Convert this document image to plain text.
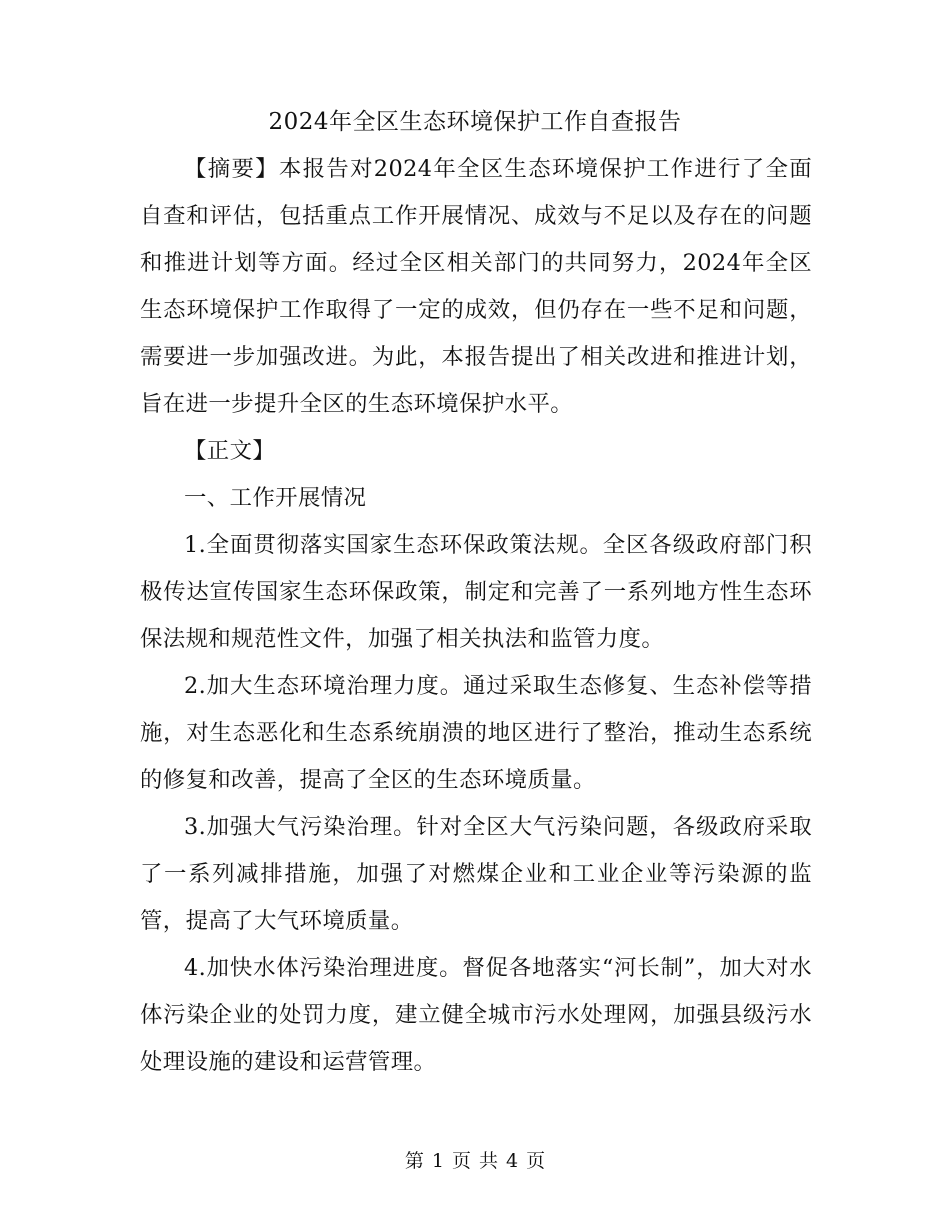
2024年全区生态环境保护工作自查报告

【摘要】本报告对2024年全区生态环境保护工作进行了全面自查和评估，包括重点工作开展情况、成效与不足以及存在的问题和推进计划等方面。经过全区相关部门的共同努力，2024年全区生态环境保护工作取得了一定的成效，但仍存在一些不足和问题，需要进一步加强改进。为此，本报告提出了相关改进和推进计划，旨在进一步提升全区的生态环境保护水平。

【正文】

一、工作开展情况

1.全面贯彻落实国家生态环保政策法规。全区各级政府部门积极传达宣传国家生态环保政策，制定和完善了一系列地方性生态环保法规和规范性文件，加强了相关执法和监管力度。

2.加大生态环境治理力度。通过采取生态修复、生态补偿等措施，对生态恶化和生态系统崩溃的地区进行了整治，推动生态系统的修复和改善，提高了全区的生态环境质量。

3.加强大气污染治理。针对全区大气污染问题，各级政府采取了一系列减排措施，加强了对燃煤企业和工业企业等污染源的监管，提高了大气环境质量。

4.加快水体污染治理进度。督促各地落实“河长制”，加大对水体污染企业的处罚力度，建立健全城市污水处理网，加强县级污水处理设施的建设和运营管理。

第 1 页 共 4 页
